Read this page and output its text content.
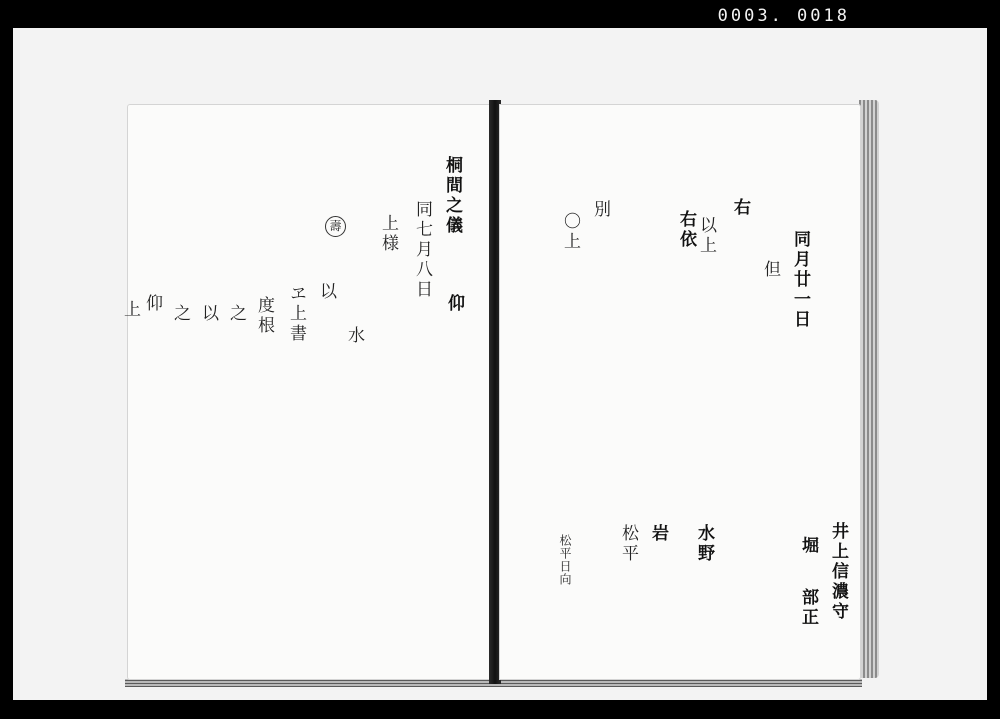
0003. 0018
桐間之儀
同七月八日
上様
仰
以
水
ヱ上書
度根
之
以
之
仰
上
壽
同月廿一日
但
右
以上
右依
別
〇上
水野
岩
松平
松平日向	井上信濃守
堀
部正
